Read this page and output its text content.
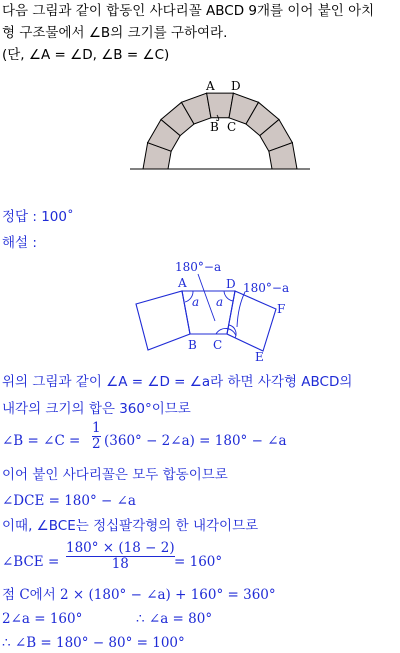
다음 그림과 같이 합동인 사다리꼴 ABCD 9개를 이어 붙인 아치
형 구조물에서 ∠B의 크기를 구하여라.
(단, ∠A = ∠D, ∠B = ∠C)
A D
B C
정답 : 100˚
해설 :
180°−a
180°−a
a a
A	D
B C
F
E
위의 그림과 같이 ∠A = ∠D = ∠a라 하면 사각형 ABCD의
내각의 크기의 합은 360°이므로
∠B = ∠C =
1
2 (360° − 2∠a) = 180° − ∠a
이어 붙인 사다리꼴은 모두 합동이므로
∠DCE = 180° − ∠a
이때, ∠BCE는 정십팔각형의 한 내각이므로
∠BCE =
180° × (18 − 2)
18	= 160°
점 C에서 2 × (180° − ∠a) + 160° = 360°
2∠a = 160°	∴ ∠a = 80°
∴ ∠B = 180° − 80° = 100°
